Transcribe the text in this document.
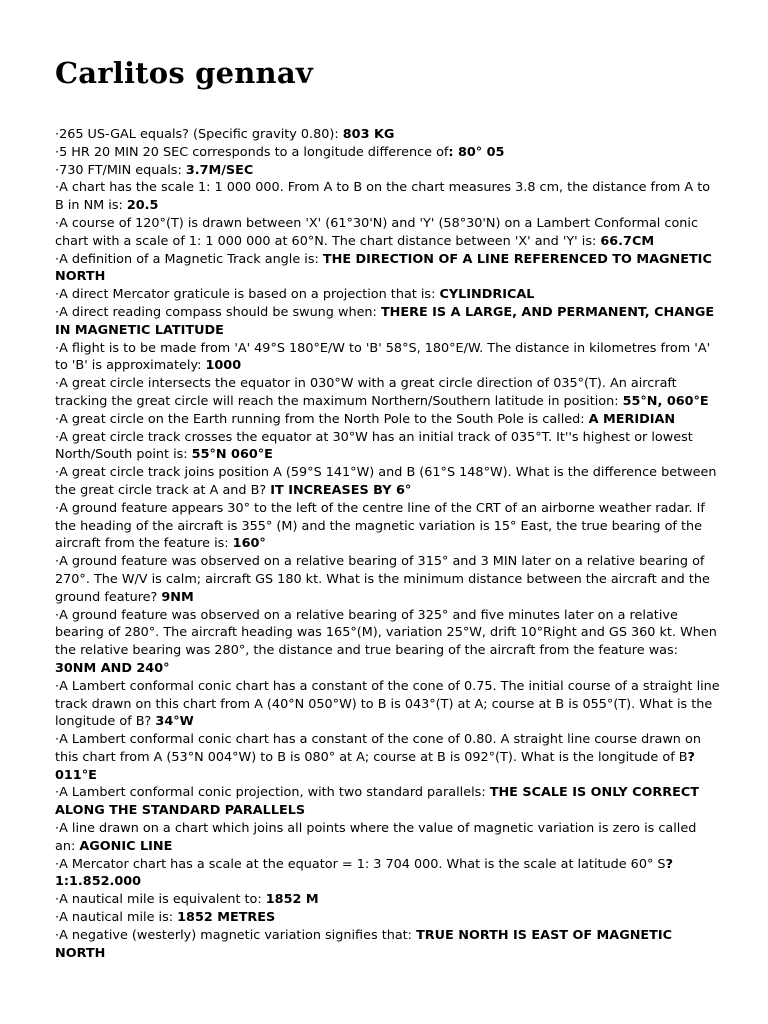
Carlitos gennav

·265 US-GAL equals? (Specific gravity 0.80): 803 KG

·5 HR 20 MIN 20 SEC corresponds to a longitude difference of: 80° 05

·730 FT/MIN equals: 3.7M/SEC

·A chart has the scale 1: 1 000 000. From A to B on the chart measures 3.8 cm, the distance from A to B in NM is: 20.5

·A course of 120°(T) is drawn between 'X' (61°30'N) and 'Y' (58°30'N) on a Lambert Conformal conic chart with a scale of 1: 1 000 000 at 60°N. The chart distance between 'X' and 'Y' is: 66.7CM

·A definition of a Magnetic Track angle is: THE DIRECTION OF A LINE REFERENCED TO MAGNETIC NORTH

·A direct Mercator graticule is based on a projection that is: CYLINDRICAL

·A direct reading compass should be swung when: THERE IS A LARGE, AND PERMANENT, CHANGE IN MAGNETIC LATITUDE

·A flight is to be made from 'A' 49°S 180°E/W to 'B' 58°S, 180°E/W. The distance in kilometres from 'A' to 'B' is approximately: 1000

·A great circle intersects the equator in 030°W with a great circle direction of 035°(T). An aircraft tracking the great circle will reach the maximum Northern/Southern latitude in position: 55°N, 060°E

·A great circle on the Earth running from the North Pole to the South Pole is called: A MERIDIAN

·A great circle track crosses the equator at 30°W has an initial track of 035°T. It''s highest or lowest North/South point is: 55°N 060°E

·A great circle track joins position A (59°S 141°W) and B (61°S 148°W). What is the difference between the great circle track at A and B? IT INCREASES BY 6°

·A ground feature appears 30° to the left of the centre line of the CRT of an airborne weather radar. If the heading of the aircraft is 355° (M) and the magnetic variation is 15° East, the true bearing of the aircraft from the feature is: 160°

·A ground feature was observed on a relative bearing of 315° and 3 MIN later on a relative bearing of 270°. The W/V is calm; aircraft GS 180 kt. What is the minimum distance between the aircraft and the ground feature? 9NM

·A ground feature was observed on a relative bearing of 325° and five minutes later on a relative bearing of 280°. The aircraft heading was 165°(M), variation 25°W, drift 10°Right and GS 360 kt. When the relative bearing was 280°, the distance and true bearing of the aircraft from the feature was: 30NM AND 240°

·A Lambert conformal conic chart has a constant of the cone of 0.75. The initial course of a straight line track drawn on this chart from A (40°N 050°W) to B is 043°(T) at A; course at B is 055°(T). What is the longitude of B? 34°W

·A Lambert conformal conic chart has a constant of the cone of 0.80. A straight line course drawn on this chart from A (53°N 004°W) to B is 080° at A; course at B is 092°(T). What is the longitude of B? 011°E

·A Lambert conformal conic projection, with two standard parallels: THE SCALE IS ONLY CORRECT ALONG THE STANDARD PARALLELS

·A line drawn on a chart which joins all points where the value of magnetic variation is zero is called an: AGONIC LINE

·A Mercator chart has a scale at the equator = 1: 3 704 000. What is the scale at latitude 60° S? 1:1.852.000

·A nautical mile is equivalent to: 1852 M

·A nautical mile is: 1852 METRES

·A negative (westerly) magnetic variation signifies that: TRUE NORTH IS EAST OF MAGNETIC NORTH
